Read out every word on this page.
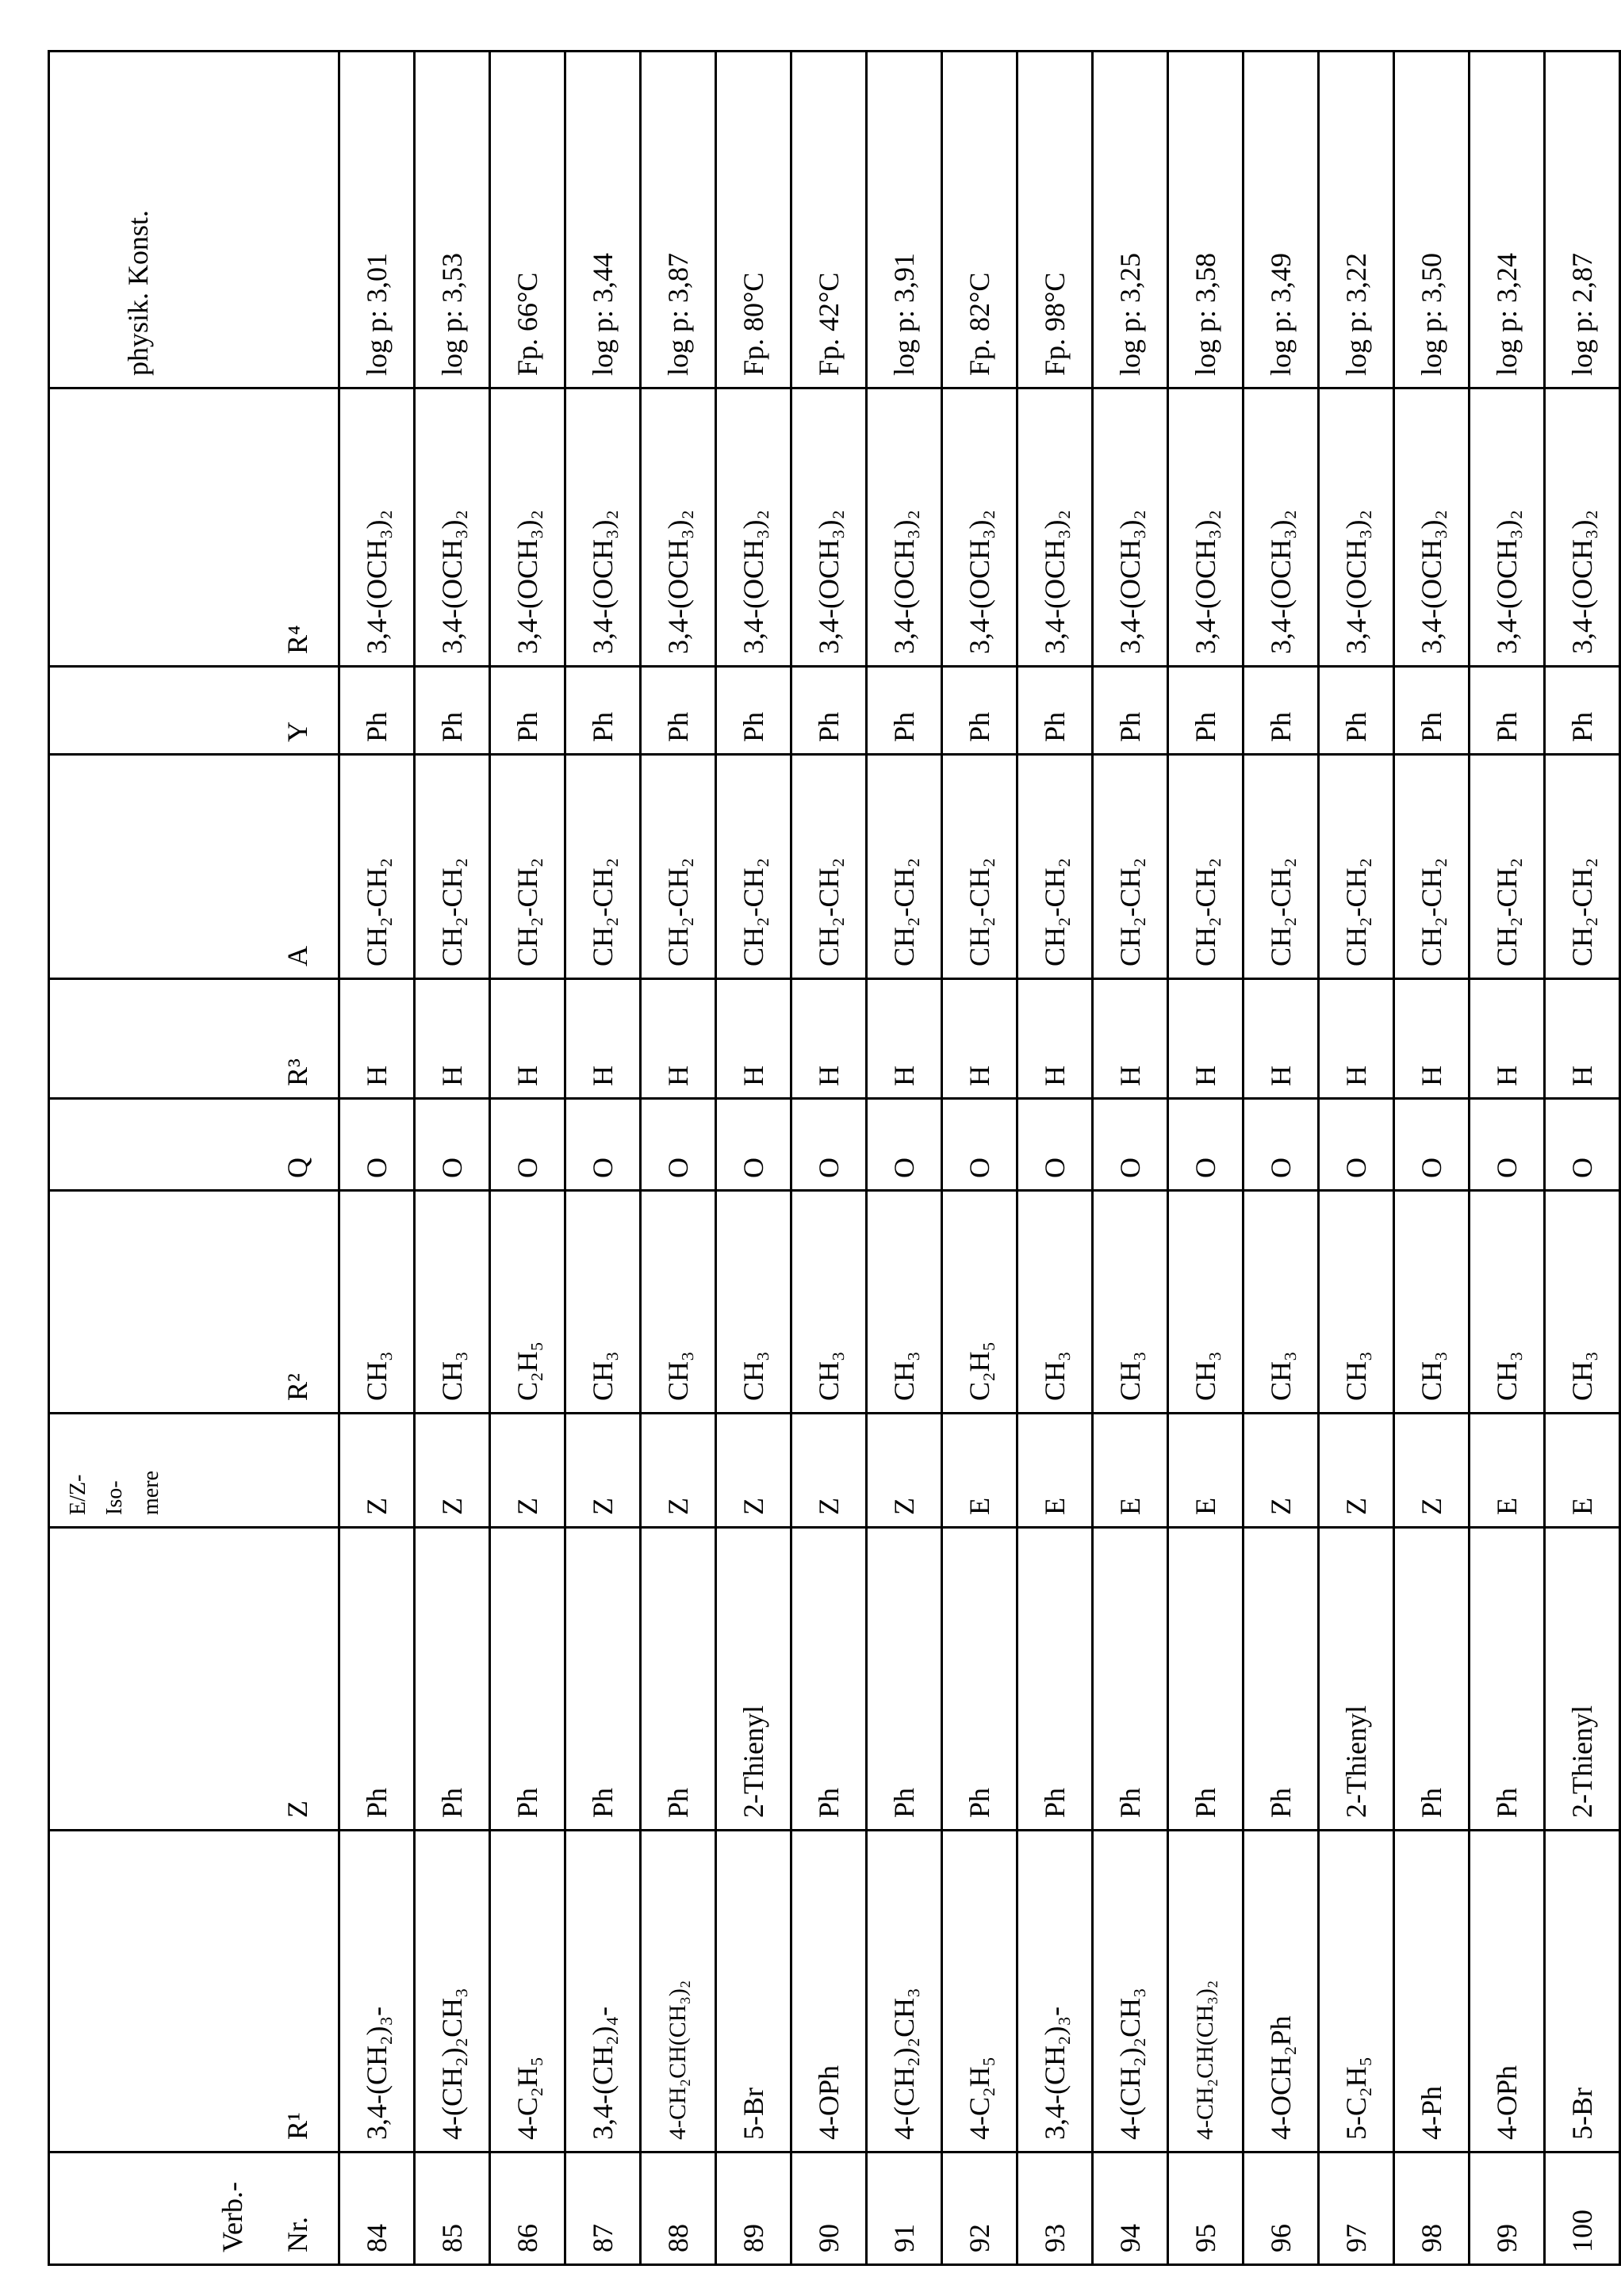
Verb.- Nr.
	R¹	Z	
E/Z- Iso- mere
	R²	Q	R³	A	Y	R⁴	physik. Konst.
84	3,4-(CH₂)₃-	Ph	Z	CH₃	O	H	CH₂-CH₂	Ph	3,4-(OCH₃)₂	log p: 3,01
85	4-(CH₂)₂CH₃	Ph	Z	CH₃	O	H	CH₂-CH₂	Ph	3,4-(OCH₃)₂	log p: 3,53
86	4-C₂H₅	Ph	Z	C₂H₅	O	H	CH₂-CH₂	Ph	3,4-(OCH₃)₂	Fp. 66°C
87	3,4-(CH₂)₄-	Ph	Z	CH₃	O	H	CH₂-CH₂	Ph	3,4-(OCH₃)₂	log p: 3,44
88	4-CH₂CH(CH₃)₂	Ph	Z	CH₃	O	H	CH₂-CH₂	Ph	3,4-(OCH₃)₂	log p: 3,87
89	5-Br	2-Thienyl	Z	CH₃	O	H	CH₂-CH₂	Ph	3,4-(OCH₃)₂	Fp. 80°C
90	4-OPh	Ph	Z	CH₃	O	H	CH₂-CH₂	Ph	3,4-(OCH₃)₂	Fp. 42°C
91	4-(CH₂)₂CH₃	Ph	Z	CH₃	O	H	CH₂-CH₂	Ph	3,4-(OCH₃)₂	log p: 3,91
92	4-C₂H₅	Ph	E	C₂H₅	O	H	CH₂-CH₂	Ph	3,4-(OCH₃)₂	Fp. 82°C
93	3,4-(CH₂)₃-	Ph	E	CH₃	O	H	CH₂-CH₂	Ph	3,4-(OCH₃)₂	Fp. 98°C
94	4-(CH₂)₂CH₃	Ph	E	CH₃	O	H	CH₂-CH₂	Ph	3,4-(OCH₃)₂	log p: 3,25
95	4-CH₂CH(CH₃)₂	Ph	E	CH₃	O	H	CH₂-CH₂	Ph	3,4-(OCH₃)₂	log p: 3,58
96	4-OCH₂Ph	Ph	Z	CH₃	O	H	CH₂-CH₂	Ph	3,4-(OCH₃)₂	log p: 3,49
97	5-C₂H₅	2-Thienyl	Z	CH₃	O	H	CH₂-CH₂	Ph	3,4-(OCH₃)₂	log p: 3,22
98	4-Ph	Ph	Z	CH₃	O	H	CH₂-CH₂	Ph	3,4-(OCH₃)₂	log p: 3,50
99	4-OPh	Ph	E	CH₃	O	H	CH₂-CH₂	Ph	3,4-(OCH₃)₂	log p: 3,24
100	5-Br	2-Thienyl	E	CH₃	O	H	CH₂-CH₂	Ph	3,4-(OCH₃)₂	log p: 2,87
